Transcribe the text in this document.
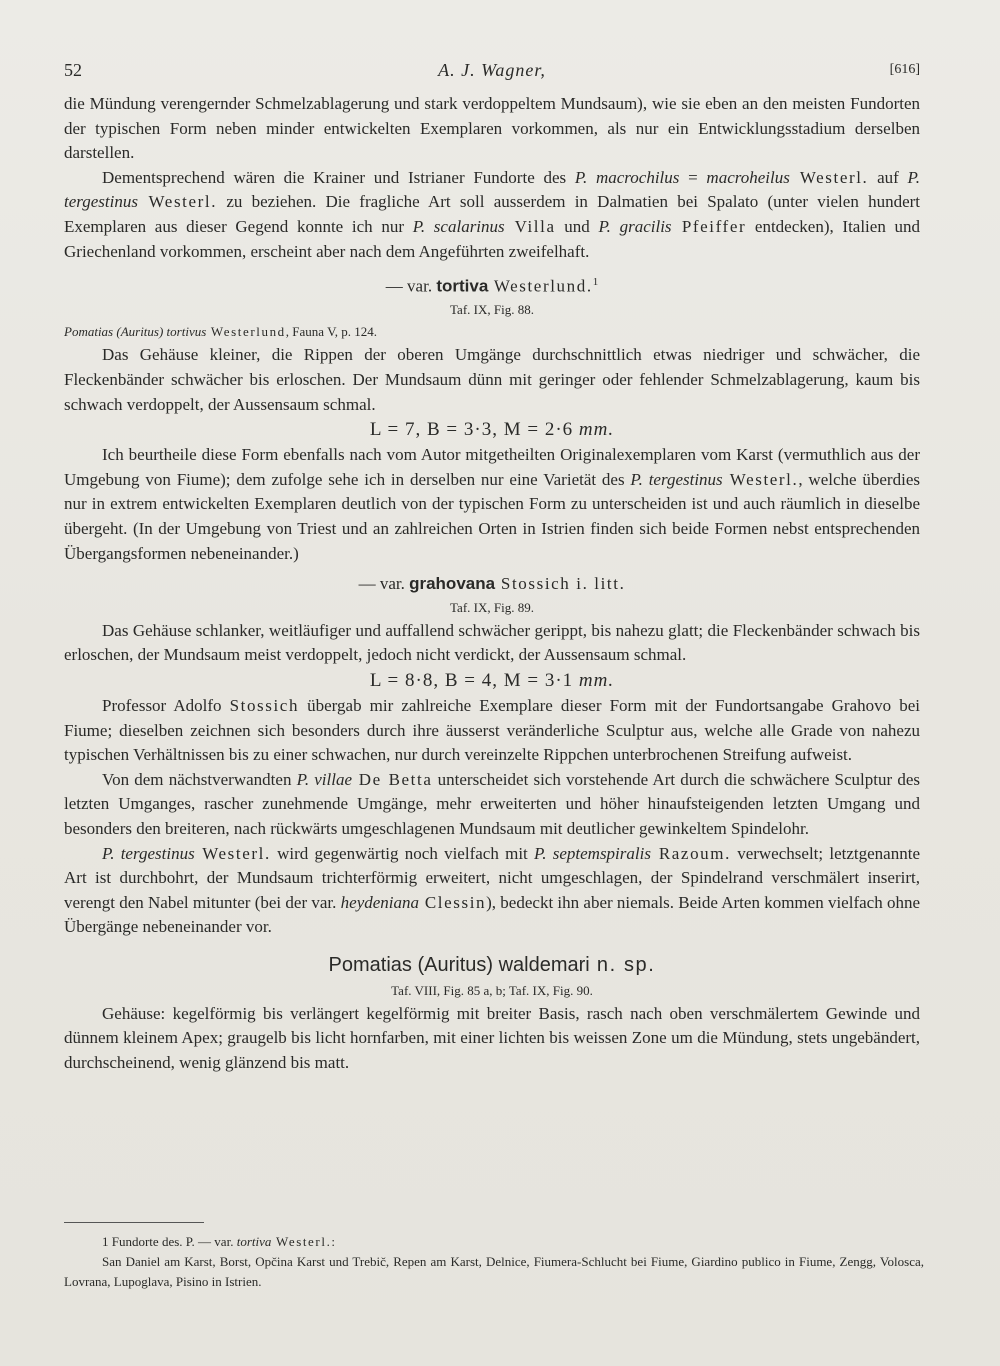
52	A. J. Wagner,	[616]

die Mündung verengernder Schmelzablagerung und stark verdoppeltem Mundsaum), wie sie eben an den meisten Fundorten der typischen Form neben minder entwickelten Exemplaren vorkommen, als nur ein Entwicklungsstadium derselben darstellen.

Dementsprechend wären die Krainer und Istrianer Fundorte des P. macrochilus = macroheilus Westerl. auf P. tergestinus Westerl. zu beziehen. Die fragliche Art soll ausserdem in Dalmatien bei Spalato (unter vielen hundert Exemplaren aus dieser Gegend konnte ich nur P. scalarinus Villa und P. gracilis Pfeiffer entdecken), Italien und Griechenland vorkommen, erscheint aber nach dem Angeführten zweifelhaft.

— var. tortiva Westerlund.$^1$

Taf. IX, Fig. 88.

Pomatias (Auritus) tortivus Westerlund, Fauna V, p. 124.

Das Gehäuse kleiner, die Rippen der oberen Umgänge durchschnittlich etwas niedriger und schwächer, die Fleckenbänder schwächer bis erloschen. Der Mundsaum dünn mit geringer oder fehlender Schmelzablagerung, kaum bis schwach verdoppelt, der Aussensaum schmal.

L = 7, B = 3·3, M = 2·6 mm.

Ich beurtheile diese Form ebenfalls nach vom Autor mitgetheilten Originalexemplaren vom Karst (vermuthlich aus der Umgebung von Fiume); dem zufolge sehe ich in derselben nur eine Varietät des P. tergestinus Westerl., welche überdies nur in extrem entwickelten Exemplaren deutlich von der typischen Form zu unterscheiden ist und auch räumlich in dieselbe übergeht. (In der Umgebung von Triest und an zahlreichen Orten in Istrien finden sich beide Formen nebst entsprechenden Übergangsformen nebeneinander.)

— var. grahovana Stossich i. litt.

Taf. IX, Fig. 89.

Das Gehäuse schlanker, weitläufiger und auffallend schwächer gerippt, bis nahezu glatt; die Fleckenbänder schwach bis erloschen, der Mundsaum meist verdoppelt, jedoch nicht verdickt, der Aussensaum schmal.

L = 8·8, B = 4, M = 3·1 mm.

Professor Adolfo Stossich übergab mir zahlreiche Exemplare dieser Form mit der Fundortsangabe Grahovo bei Fiume; dieselben zeichnen sich besonders durch ihre äusserst veränderliche Sculptur aus, welche alle Grade von nahezu typischen Verhältnissen bis zu einer schwachen, nur durch vereinzelte Rippchen unterbrochenen Streifung aufweist.

Von dem nächstverwandten P. villae De Betta unterscheidet sich vorstehende Art durch die schwächere Sculptur des letzten Umganges, rascher zunehmende Umgänge, mehr erweiterten und höher hinaufsteigenden letzten Umgang und besonders den breiteren, nach rückwärts umgeschlagenen Mundsaum mit deutlicher gewinkeltem Spindelohr.

P. tergestinus Westerl. wird gegenwärtig noch vielfach mit P. septemspiralis Razoum. verwechselt; letztgenannte Art ist durchbohrt, der Mundsaum trichterförmig erweitert, nicht umgeschlagen, der Spindelrand verschmälert inserirt, verengt den Nabel mitunter (bei der var. heydeniana Clessin), bedeckt ihn aber niemals. Beide Arten kommen vielfach ohne Übergänge nebeneinander vor.

Pomatias (Auritus) waldemari n. sp.

Taf. VIII, Fig. 85 a, b; Taf. IX, Fig. 90.

Gehäuse: kegelförmig bis verlängert kegelförmig mit breiter Basis, rasch nach oben verschmälertem Gewinde und dünnem kleinem Apex; graugelb bis licht hornfarben, mit einer lichten bis weissen Zone um die Mündung, stets ungebändert, durchscheinend, wenig glänzend bis matt.

1 Fundorte des. P. — var. tortiva Westerl.:

San Daniel am Karst, Borst, Opčina Karst und Trebič, Repen am Karst, Delnice, Fiumera-Schlucht bei Fiume, Giardino publico in Fiume, Zengg, Volosca, Lovrana, Lupoglava, Pisino in Istrien.
